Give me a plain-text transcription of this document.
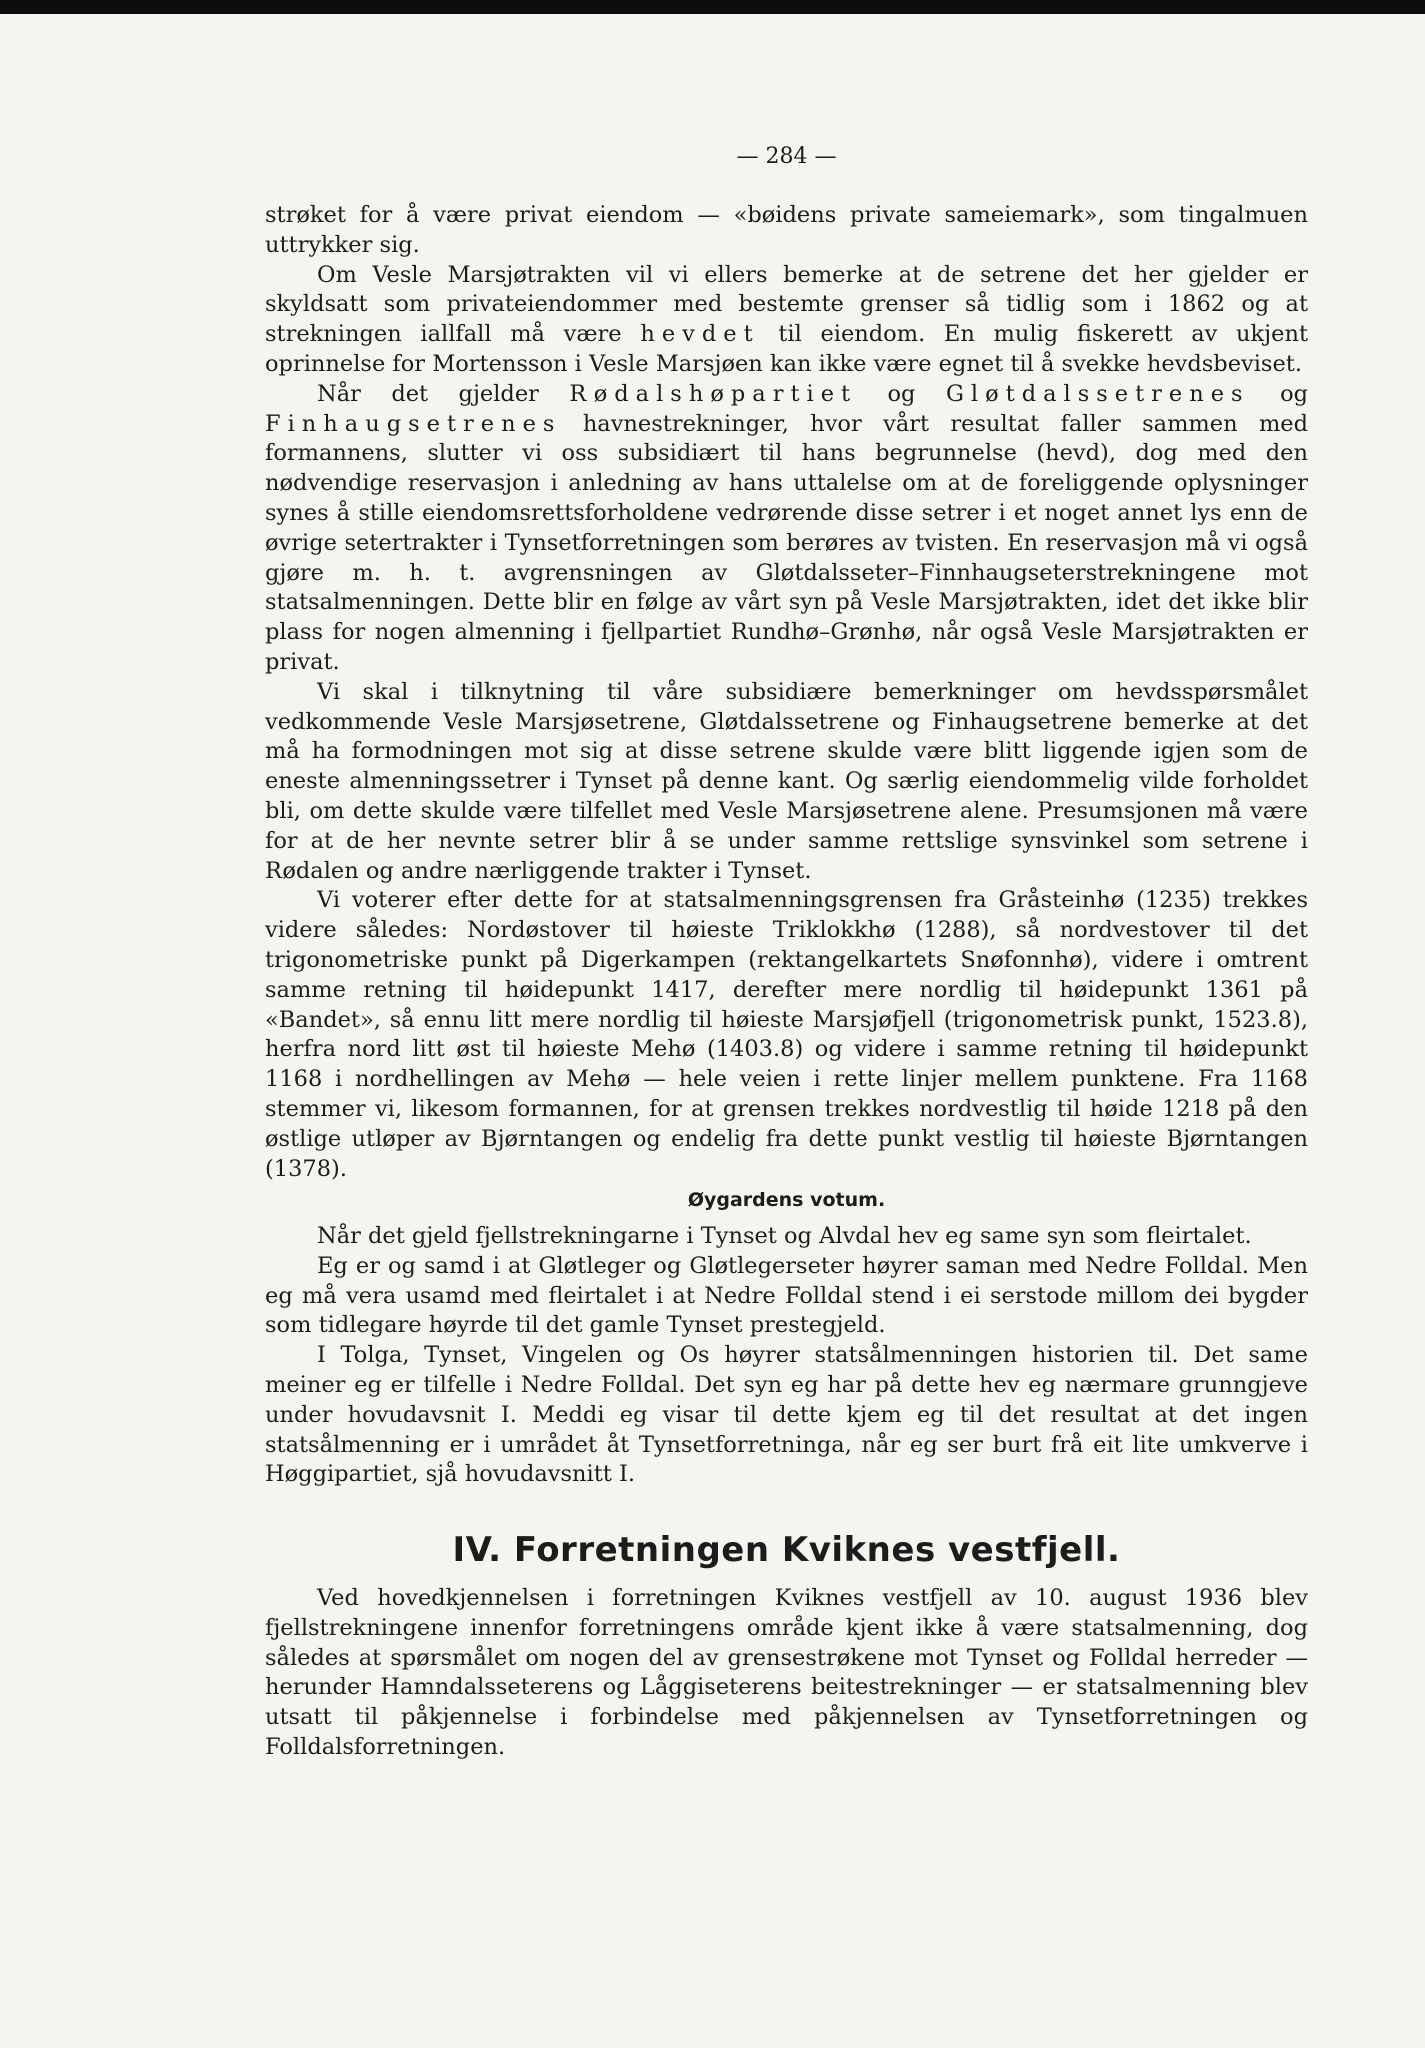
— 284 —

strøket for å være privat eiendom — «bøidens private sameiemark», som tingalmuen uttrykker sig.

Om Vesle Marsjøtrakten vil vi ellers bemerke at de setrene det her gjelder er skyldsatt som privateiendommer med bestemte grenser så tidlig som i 1862 og at strekningen iallfall må være hevdet til eiendom. En mulig fiskerett av ukjent oprinnelse for Mortensson i Vesle Marsjøen kan ikke være egnet til å svekke hevdsbeviset.

Når det gjelder Rødalshøpartiet og Gløtdalssetrenes og Finhaugsetrenes havnestrekninger, hvor vårt resultat faller sammen med formannens, slutter vi oss subsidiært til hans begrunnelse (hevd), dog med den nødvendige reservasjon i anledning av hans uttalelse om at de foreliggende oplysninger synes å stille eiendomsrettsforholdene vedrørende disse setrer i et noget annet lys enn de øvrige setertrakter i Tynsetforretningen som berøres av tvisten. En reservasjon må vi også gjøre m. h. t. avgrensningen av Gløtdalsseter–Finnhaugseterstrekningene mot statsalmenningen. Dette blir en følge av vårt syn på Vesle Marsjøtrakten, idet det ikke blir plass for nogen almenning i fjellpartiet Rundhø–Grønhø, når også Vesle Marsjøtrakten er privat.

Vi skal i tilknytning til våre subsidiære bemerkninger om hevdsspørsmålet vedkommende Vesle Marsjøsetrene, Gløtdalssetrene og Finhaugsetrene bemerke at det må ha formodningen mot sig at disse setrene skulde være blitt liggende igjen som de eneste almenningssetrer i Tynset på denne kant. Og særlig eiendommelig vilde forholdet bli, om dette skulde være tilfellet med Vesle Marsjøsetrene alene. Presumsjonen må være for at de her nevnte setrer blir å se under samme rettslige synsvinkel som setrene i Rødalen og andre nærliggende trakter i Tynset.

Vi voterer efter dette for at statsalmenningsgrensen fra Gråsteinhø (1235) trekkes videre således: Nordøstover til høieste Triklokkhø (1288), så nordvestover til det trigonometriske punkt på Digerkampen (rektangelkartets Snøfonnhø), videre i omtrent samme retning til høidepunkt 1417, derefter mere nordlig til høidepunkt 1361 på «Bandet», så ennu litt mere nordlig til høieste Marsjøfjell (trigonometrisk punkt, 1523.8), herfra nord litt øst til høieste Mehø (1403.8) og videre i samme retning til høidepunkt 1168 i nordhellingen av Mehø — hele veien i rette linjer mellem punktene. Fra 1168 stemmer vi, likesom formannen, for at grensen trekkes nordvestlig til høide 1218 på den østlige utløper av Bjørntangen og endelig fra dette punkt vestlig til høieste Bjørntangen (1378).

Øygardens votum.

Når det gjeld fjellstrekningarne i Tynset og Alvdal hev eg same syn som fleirtalet.

Eg er og samd i at Gløtleger og Gløtlegerseter høyrer saman med Nedre Folldal. Men eg må vera usamd med fleirtalet i at Nedre Folldal stend i ei serstode millom dei bygder som tidlegare høyrde til det gamle Tynset prestegjeld.

I Tolga, Tynset, Vingelen og Os høyrer statsålmenningen historien til. Det same meiner eg er tilfelle i Nedre Folldal. Det syn eg har på dette hev eg nærmare grunngjeve under hovudavsnit I. Meddi eg visar til dette kjem eg til det resultat at det ingen statsålmenning er i umrådet åt Tynsetforretninga, når eg ser burt frå eit lite umkverve i Høggipartiet, sjå hovudavsnitt I.

IV. Forretningen Kviknes vestfjell.

Ved hovedkjennelsen i forretningen Kviknes vestfjell av 10. august 1936 blev fjellstrekningene innenfor forretningens område kjent ikke å være statsalmenning, dog således at spørsmålet om nogen del av grensestrøkene mot Tynset og Folldal herreder — herunder Hamndalsseterens og Låggiseterens beitestrekninger — er statsalmenning blev utsatt til påkjennelse i forbindelse med påkjennelsen av Tynsetforretningen og Folldalsforretningen.
